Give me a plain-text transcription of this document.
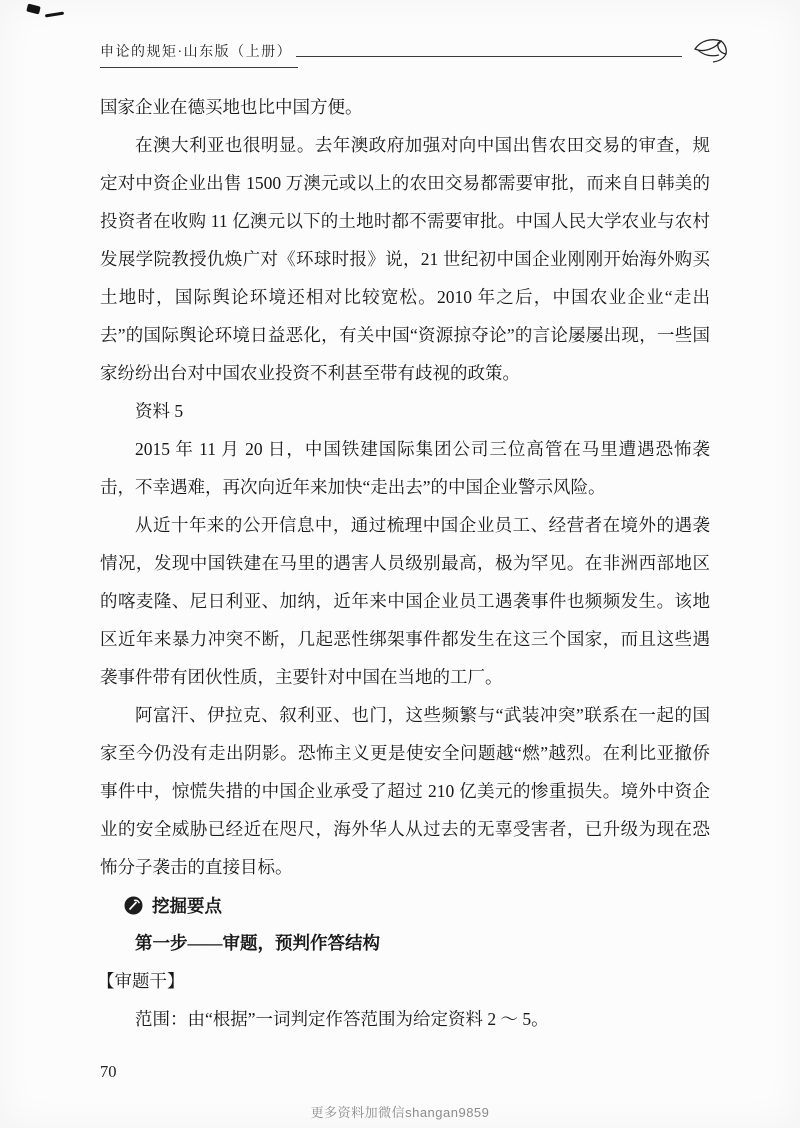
申论的规矩·山东版（上册）

国家企业在德买地也比中国方便。

在澳大利亚也很明显。去年澳政府加强对向中国出售农田交易的审查，规定对中资企业出售 1500 万澳元或以上的农田交易都需要审批，而来自日韩美的投资者在收购 11 亿澳元以下的土地时都不需要审批。中国人民大学农业与农村发展学院教授仇焕广对《环球时报》说，21 世纪初中国企业刚刚开始海外购买土地时，国际舆论环境还相对比较宽松。2010 年之后，中国农业企业“走出去”的国际舆论环境日益恶化，有关中国“资源掠夺论”的言论屡屡出现，一些国家纷纷出台对中国农业投资不利甚至带有歧视的政策。

资料 5

2015 年 11 月 20 日，中国铁建国际集团公司三位高管在马里遭遇恐怖袭击，不幸遇难，再次向近年来加快“走出去”的中国企业警示风险。

从近十年来的公开信息中，通过梳理中国企业员工、经营者在境外的遇袭情况，发现中国铁建在马里的遇害人员级别最高，极为罕见。在非洲西部地区的喀麦隆、尼日利亚、加纳，近年来中国企业员工遇袭事件也频频发生。该地区近年来暴力冲突不断，几起恶性绑架事件都发生在这三个国家，而且这些遇袭事件带有团伙性质，主要针对中国在当地的工厂。

阿富汗、伊拉克、叙利亚、也门，这些频繁与“武装冲突”联系在一起的国家至今仍没有走出阴影。恐怖主义更是使安全问题越“燃”越烈。在利比亚撤侨事件中，惊慌失措的中国企业承受了超过 210 亿美元的惨重损失。境外中资企业的安全威胁已经近在咫尺，海外华人从过去的无辜受害者，已升级为现在恐怖分子袭击的直接目标。

挖掘要点

第一步——审题，预判作答结构

【审题干】

范围：由“根据”一词判定作答范围为给定资料 2 ～ 5。

70
更多资料加微信shangan9859
